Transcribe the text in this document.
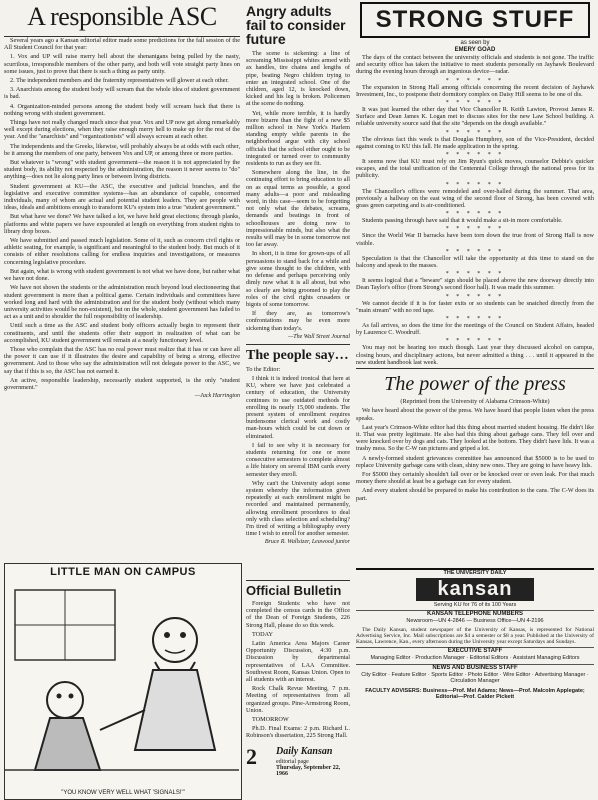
A responsible ASC

Several years ago a Kansan editorial editor made some predictions for the fall session of the All Student Council for that year:

1. Vox and UP will raise merry hell about the shenanigans being pulled by the nasty, scurrilous, irresponsible members of the other party, and both will vote straight party lines on some issues, just to prove that there is such a thing as party unity.

2. The independent members and the fraternity representatives will glower at each other.

3. Anarchists among the student body will scream that the whole idea of student government is bad.

4. Organization-minded persons among the student body will scream back that there is nothing wrong with student government.

Things have not really changed much since that year. Vox and UP now get along remarkably well except during elections, when they raise enough merry hell to make up for the rest of the year. And the "anarchists" and "organizationists" will always scream at each other.

The independents and the Greeks, likewise, will probably always be at odds with each other, be it among the members of one party, between Vox and UP, or among three or more parties.

But whatever is "wrong" with student government—the reason it is not appreciated by the student body, its ability not respected by the administration, the reason it never seems to "do" anything—does not lie along party lines or between living districts.

Student government at KU—the ASC, the executive and judicial branches, and the legislative and executive committee systems—has an abundance of capable, concerned individuals, many of whom are actual and potential student leaders. They are people with ideas, ideals and ambitions enough to transform KU's system into a true "student government."

But what have we done? We have talked a lot, we have held great elections; through planks, platforms and white papers we have expounded at length on everything from student rights to library drop boxes.

We have submitted and passed much legislation. Some of it, such as concern civil rights or athletic seating, for example, is significant and meaningful to the student body. But much of it consists of either resolutions calling for endless inquiries and investigations, or measures concerning legislative procedure.

But again, what is wrong with student government is not what we have done, but rather what we have not done.

We have not shown the students or the administration much beyond loud electioneering that student government is more than a political game. Certain individuals and committees have worked long and hard with the administration and for the student body (without which many university activities would be non-existent), but on the whole, student government has failed to act as a unit and to shoulder the full responsibility of leadership.

Until such a time as the ASC and student body officers actually begin to represent their constituents, and until the students offer their support in realization of what can be accomplished, KU student government will remain at a nearly functionary level.

Those who complain that the ASC has no real power must realize that it has or can have all the power it can use if it illustrates the desire and capability of being a strong, effective government. And to those who say the administration will not delegate power to the ASC, we say that if this is so, the ASC has not earned it.

An active, responsible leadership, necessarily student supported, is the only "student government."

—Jack Harrington
LITTLE MAN ON CAMPUS
"YOU KNOW VERY WELL WHAT 'SIGNALS!'"
Angry adults fail to consider future

The scene is sickening: a line of screaming Mississippi whites armed with ax handles, tire chains and lengths of pipe, beating Negro children trying to enter an integrated school. One of the children, aged 12, is knocked down, kicked and his leg is broken. Policemen at the scene do nothing.

Yet, while more terrible, it is hardly more bizarre than the fight of a new $5 million school in New York's Harlem standing empty while parents in the neighborhood argue with city school officials that the school either ought to be integrated or turned over to community residents to run as they see fit.

Somewhere along the line, in the continuing effort to bring education to all on as equal terms as possible, a good many adults—a poor and misleading word, in this case—seem to be forgetting not only what the debates, screams, demands and beatings in front of schoolhouses are doing now to impressionable minds, but also what the results will may be in some tomorrow not too far away.

In short, it is time for grown-ups of all persuasions to stand back for a while and give some thought to the children, with no defense and perhaps perceiving only dimly now what it is all about, but who so clearly are being groomed to play the roles of the civil rights crusaders or bigots of some tomorrow.

If they are, as tomorrow's confrontations may be even more sickening than today's.

—The Wall Street Journal
The people say…

To the Editor:

I think it is indeed ironical that here at KU, where we have just celebrated a century of education, the University continues to use outdated methods for enrolling its nearly 15,000 students. The present system of enrollment requires burdensome clerical work and costly man-hours which could be cut down or eliminated.

I fail to see why it is necessary for students returning for one or more consecutive semesters to complete almost a life history on several IBM cards every semester they enroll.

Why can't the University adopt some system whereby the information given repeatedly at each enrollment might be recorded and maintained permanently, allowing enrollment procedures to deal only with class selection and scheduling? I'm tired of writing a bibliography every time I wish to enroll for another semester.

Bruce R. Wallsizer, Leawood junior
Official Bulletin

Foreign Students: who have not completed the census cards in the Office of the Dean of Foreign Students, 226 Strong Hall, please do so this week.

TODAY

Latin America Area Majors Career Opportunity Discussion, 4:30 p.m. Discussion by departmental representatives of LAA Committee. Southwest Room, Kansas Union. Open to all students with an interest.

Rock Chalk Revue Meeting, 7 p.m. Meeting of representatives from all organized groups. Pine-Armstrong Room, Union.

TOMORROW

Ph.D. Final Exams: 2 p.m. Richard L. Robinson's dissertation, 225 Strong Hall.

2	Daily Kansan
editorial page
Thursday, September 22, 1966
STRONG STUFF
as seen by
EMERY GOAD

The days of the contact between the university officials and students is not gone. The traffic and security office has taken the initiative to meet students personally on Jayhawk Boulevard during the evening hours through an ingenious device—radar.

* * * * * *

The expansion in Strong Hall among officials concerning the recent decision of Jayhawk Investment, Inc., to postpone their dormitory complex on Daisy Hill seems to be one of dis.

* * * * * *

It was just learned the other day that Vice Chancellor R. Keith Lawton, Provost James R. Surface and Dean James K. Logan met to discuss sites for the new Law School building. A reliable university source said that the site "depends on the dough available."

* * * * * *

The obvious fact this week is that Douglas Humphrey, son of the Vice-President, decided against coming to KU this fall. He made application in the spring.

* * * * * *

It seems now that KU must rely on Jim Ryun's quick moves, counselor Debbie's quicker escapes, and the total unification of the Centennial College through the national press for its publicity.

* * * * * *

The Chancellor's offices were remodeled and over-halled during the summer. That area, previously a hallway on the east wing of the second floor of Strong, has been covered with grass green carpeting and is air-conditioned.

* * * * * *

Students passing through have said that it would make a sit-in more comfortable.

* * * * * *

Since the World War II barracks have been torn down the true front of Strong Hall is now visible.

* * * * * *

Speculation is that the Chancellor will take the opportunity at this time to stand on the balcony and speak to the masses.

* * * * * *

It seems logical that a "beware" sign should be placed above the new doorway directly into Dean Taylor's office (from Strong's second floor hall). It was made this summer.

* * * * * *

We cannot decide if it is for faster exits or so students can be snatched directly from the "main stream" with no red tape.

* * * * * *

As fall arrives, so does the time for the meetings of the Council on Student Affairs, headed by Laurence C. Woodruff.

* * * * * *

You may not be hearing too much though. Last year they discussed alcohol on campus, closing hours, and disciplinary actions, but never admitted a thing . . . until it appeared in the new student handbook last week.

The power of the press

(Reprinted from the University of Alabama Crimson-White)

We have heard about the power of the press. We have heard that people listen when the press speaks.

Last year's Crimson-White editor had this thing about married student housing. He didn't like it. That was pretty legitimate. He also had this thing about garbage cans. They fell over and were knocked over by dogs and cats. They looked at the bottom. They didn't have lids. It was a trashy mess. So the C-W ran pictures and griped a lot.

A newly-formed student grievances committee has announced that $5000 is to be used to replace University garbage cans with clean, shiny new ones. They are going to have heavy lids.

For $5000 they certainly shouldn't fall over or be knocked over or even leak. For that much money there should at least be a garbage can for every student.

And every student should be prepared to make his contribution to the cans. The C-W does its part.

THE UNIVERSITY DAILY
kansan
Serving KU for 76 of its 100 Years
KANSAN TELEPHONE NUMBERS
Newsroom—UN 4-2846 — Business Office—UN 4-2196

The Daily Kansan, student newspaper of the University of Kansas, is represented for National Advertising Service, Inc. Mail subscriptions are $4 a semester or $8 a year. Published at the University of Kansas, Lawrence, Kan., every afternoon during the University year except Saturdays and Sundays.

EXECUTIVE STAFF
Managing Editor · Production Manager · Editorial Editors · Assistant Managing Editors
NEWS AND BUSINESS STAFF
City Editor · Feature Editor · Sports Editor · Photo Editor · Wire Editor · Advertising Manager · Circulation Manager
FACULTY ADVISERS: Business—Prof. Mel Adams; News—Prof. Malcolm Applegate; Editorial—Prof. Calder Pickett
